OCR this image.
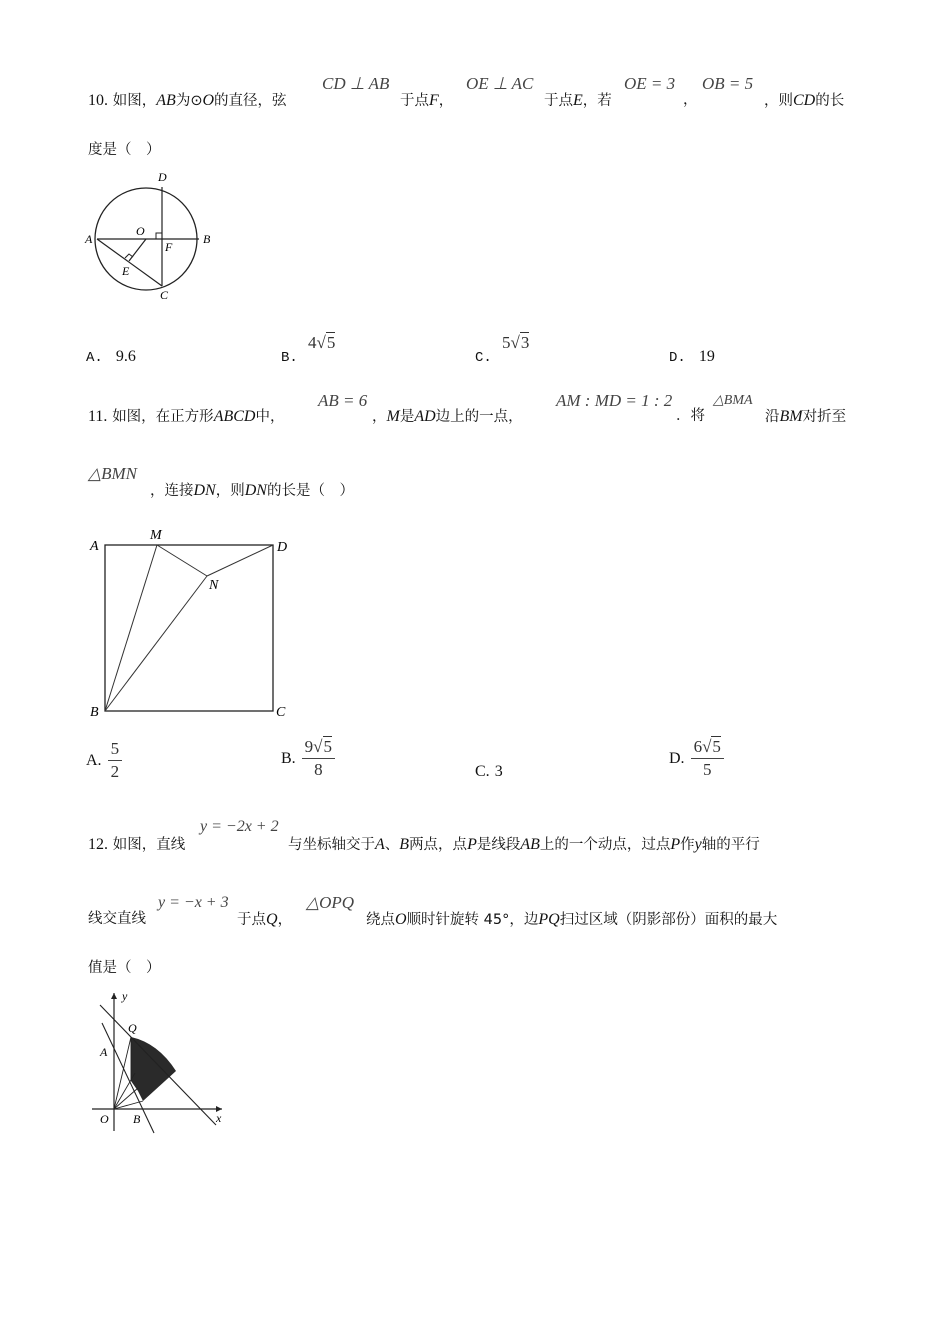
10. 如图，AB为⊙O的直径，弦
CD ⊥ AB
于点F，
OE ⊥ AC
于点E，若
OE = 3
，
OB = 5
，则CD的长
度是（　）
D
A
O
F
B
E
C
A. 9.6	B.
4√5
C.
5√3
D. 19
11. 如图，在正方形ABCD中，
AB = 6
，M是AD边上的一点，
AM : MD = 1 : 2
．将
△BMA
沿BM对折至
△BMN
，连接DN，则DN的长是（　）
A
M
D
N
B	C
A. $\frac{5}{2}$	B. $\frac{9√5}{8}$	C. 3
D. $\frac{6√5}{5}$
12. 如图，直线
y = −2x + 2
与坐标轴交于A、B两点，点P是线段AB上的一个动点，过点P作y轴的平行
线交直线
y = −x + 3
于点Q，
△OPQ
绕点O顺时针旋转 45°，边PQ扫过区域（阴影部份）面积的最大
值是（　）
y
Q
A
O B	x
